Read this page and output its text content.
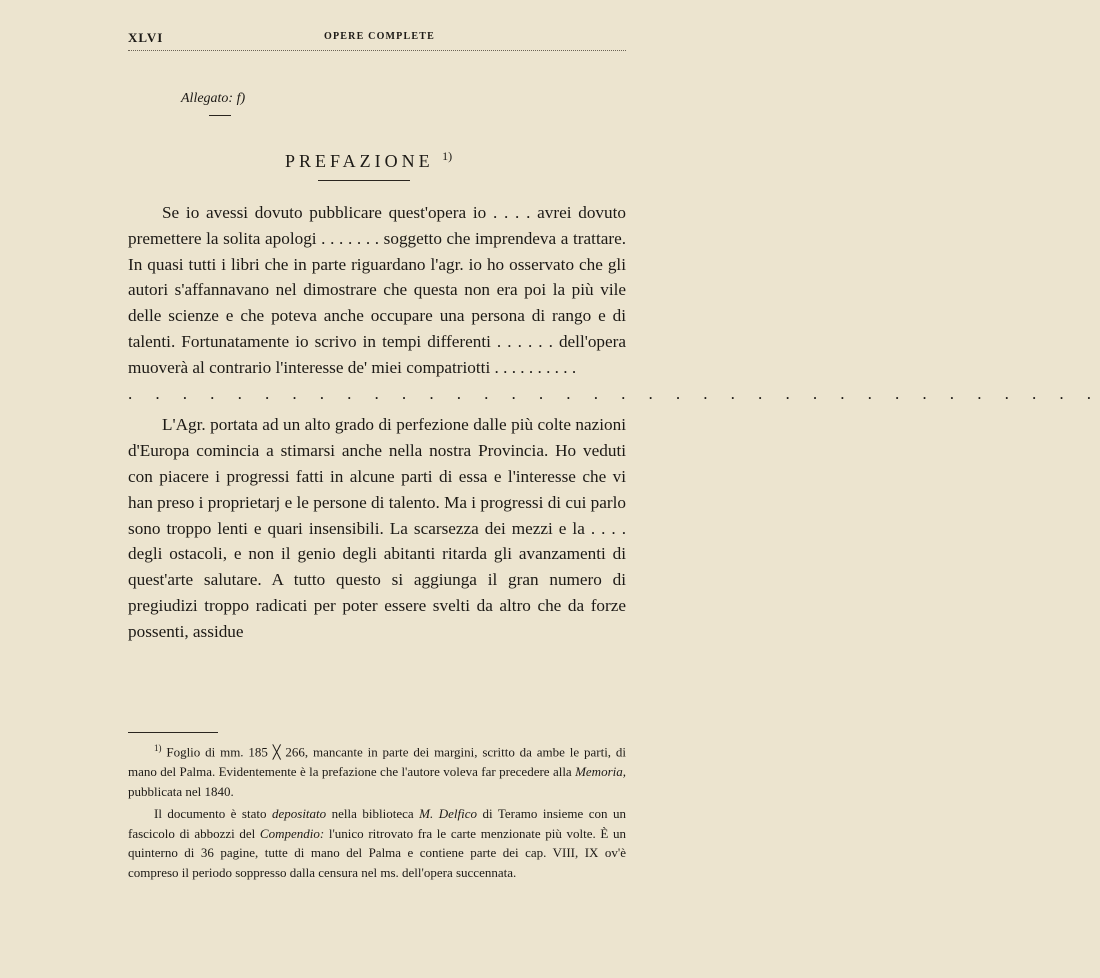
XLVI	OPERE COMPLETE
Allegato: f)
PREFAZIONE $^{1)}$

Se io avessi dovuto pubblicare quest'opera io . . . . avrei dovuto premettere la solita apologi . . . . . . . soggetto che imprendeva a trattare. In quasi tutti i libri che in parte riguardano l'agr. io ho osservato che gli autori s'affannavano nel dimostrare che questa non era poi la più vile delle scienze e che poteva anche occupare una persona di rango e di talenti. Fortunatamente io scrivo in tempi differenti . . . . . . dell'opera muoverà al contrario l'interesse de' miei compatriotti . . . . . . . . . .

. . . . . . . . . . . . . . . . . . . . . . . . . . . . . . . . . . . .

L'Agr. portata ad un alto grado di perfezione dalle più colte nazioni d'Europa comincia a stimarsi anche nella nostra Provincia. Ho veduti con piacere i progressi fatti in alcune parti di essa e l'interesse che vi han preso i proprietarj e le persone di talento. Ma i progressi di cui parlo sono troppo lenti e quari insensibili. La scarsezza dei mezzi e la . . . . degli ostacoli, e non il genio degli abitanti ritarda gli avanzamenti di quest'arte salutare. A tutto questo si aggiunga il gran numero di pregiudizi troppo radicati per poter essere svelti da altro che da forze possenti, assidue

$^{1)}$ Foglio di mm. 185 ╳ 266, mancante in parte dei margini, scritto da ambe le parti, di mano del Palma. Evidentemente è la prefazione che l'autore voleva far precedere alla Memoria, pubblicata nel 1840.

Il documento è stato depositato nella biblioteca M. Delfico di Teramo insieme con un fascicolo di abbozzi del Compendio: l'unico ritrovato fra le carte menzionate più volte. È un quinterno di 36 pagine, tutte di mano del Palma e contiene parte dei cap. VIII, IX ov'è compreso il periodo soppresso dalla censura nel ms. dell'opera succennata.
